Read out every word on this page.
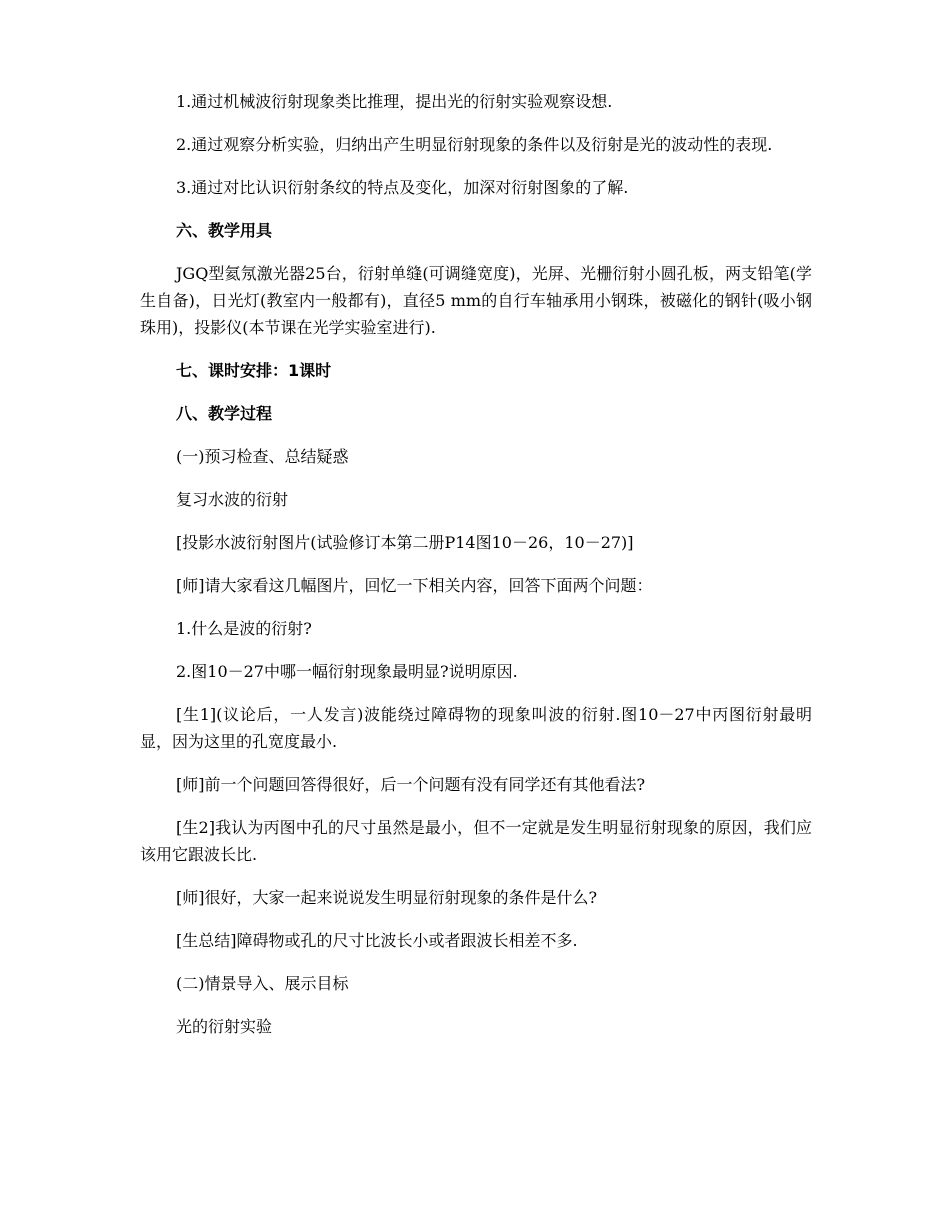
1.通过机械波衍射现象类比推理，提出光的衍射实验观察设想.

2.通过观察分析实验，归纳出产生明显衍射现象的条件以及衍射是光的波动性的表现.

3.通过对比认识衍射条纹的特点及变化，加深对衍射图象的了解.

六、教学用具

JGQ型氦氖激光器25台，衍射单缝(可调缝宽度)，光屏、光栅衍射小圆孔板，两支铅笔(学生自备)，日光灯(教室内一般都有)，直径5 mm的自行车轴承用小钢珠，被磁化的钢针(吸小钢珠用)，投影仪(本节课在光学实验室进行).

七、课时安排：1课时

八、教学过程

(一)预习检查、总结疑惑

复习水波的衍射

[投影水波衍射图片(试验修订本第二册P14图10－26，10－27)]

[师]请大家看这几幅图片，回忆一下相关内容，回答下面两个问题：

1.什么是波的衍射?

2.图10－27中哪一幅衍射现象最明显?说明原因.

[生1](议论后，一人发言)波能绕过障碍物的现象叫波的衍射.图10－27中丙图衍射最明显，因为这里的孔宽度最小.

[师]前一个问题回答得很好，后一个问题有没有同学还有其他看法?

[生2]我认为丙图中孔的尺寸虽然是最小，但不一定就是发生明显衍射现象的原因，我们应该用它跟波长比.

[师]很好，大家一起来说说发生明显衍射现象的条件是什么?

[生总结]障碍物或孔的尺寸比波长小或者跟波长相差不多.

(二)情景导入、展示目标

光的衍射实验
